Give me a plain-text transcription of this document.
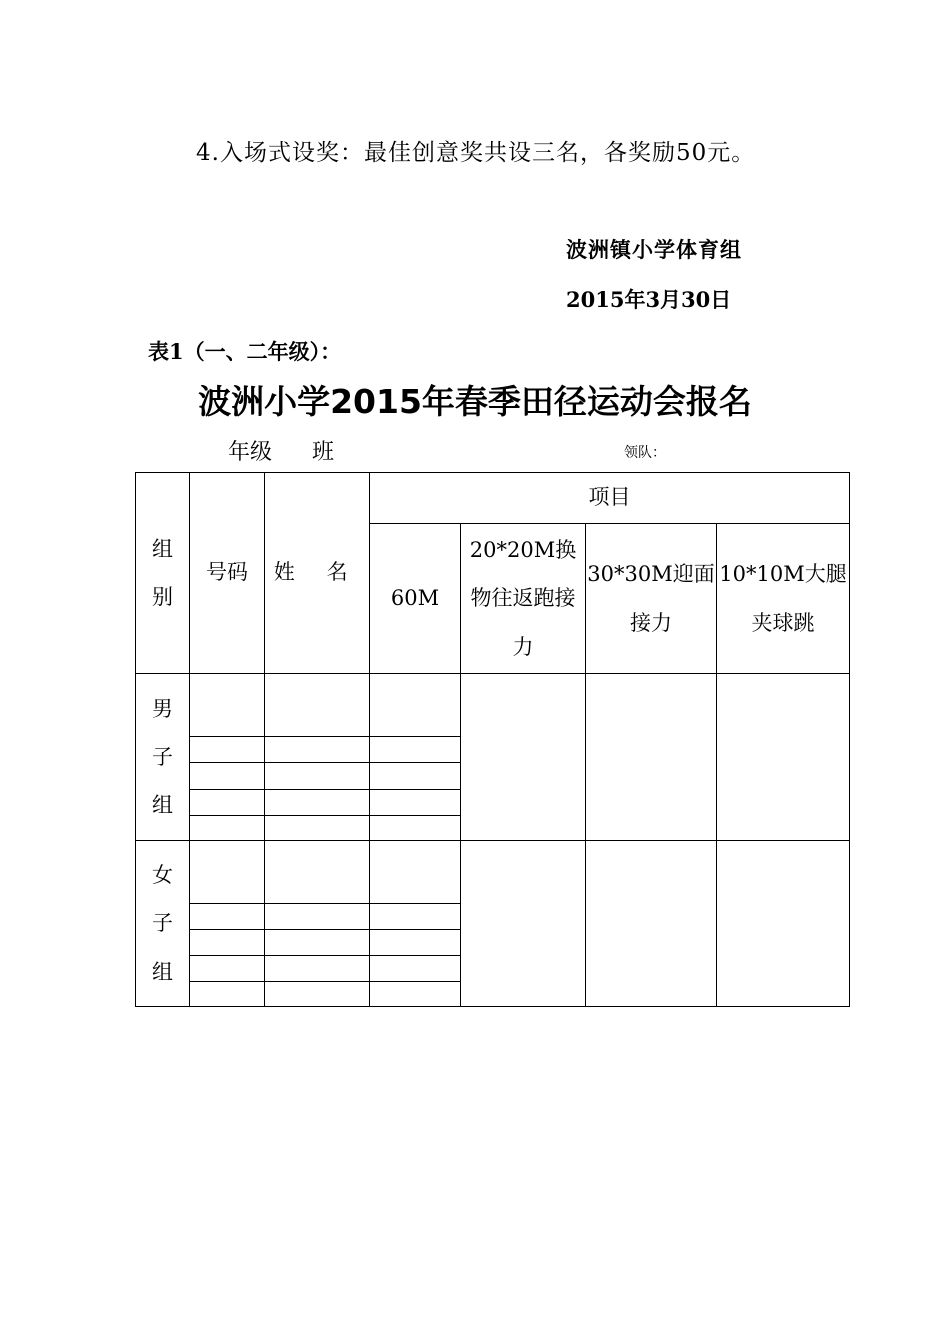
4.入场式设奖：最佳创意奖共设三名，各奖励50元。
波洲镇小学体育组
2015年3月30日
表1（一、二年级）：
波洲小学2015年春季田径运动会报名
年级 班	领队：
组别	号码	姓 名	项目			
			60M	20*20M换物往返跑接力	30*30M迎面接力	10*10M大腿夹球跳

男子组						

女子组						
